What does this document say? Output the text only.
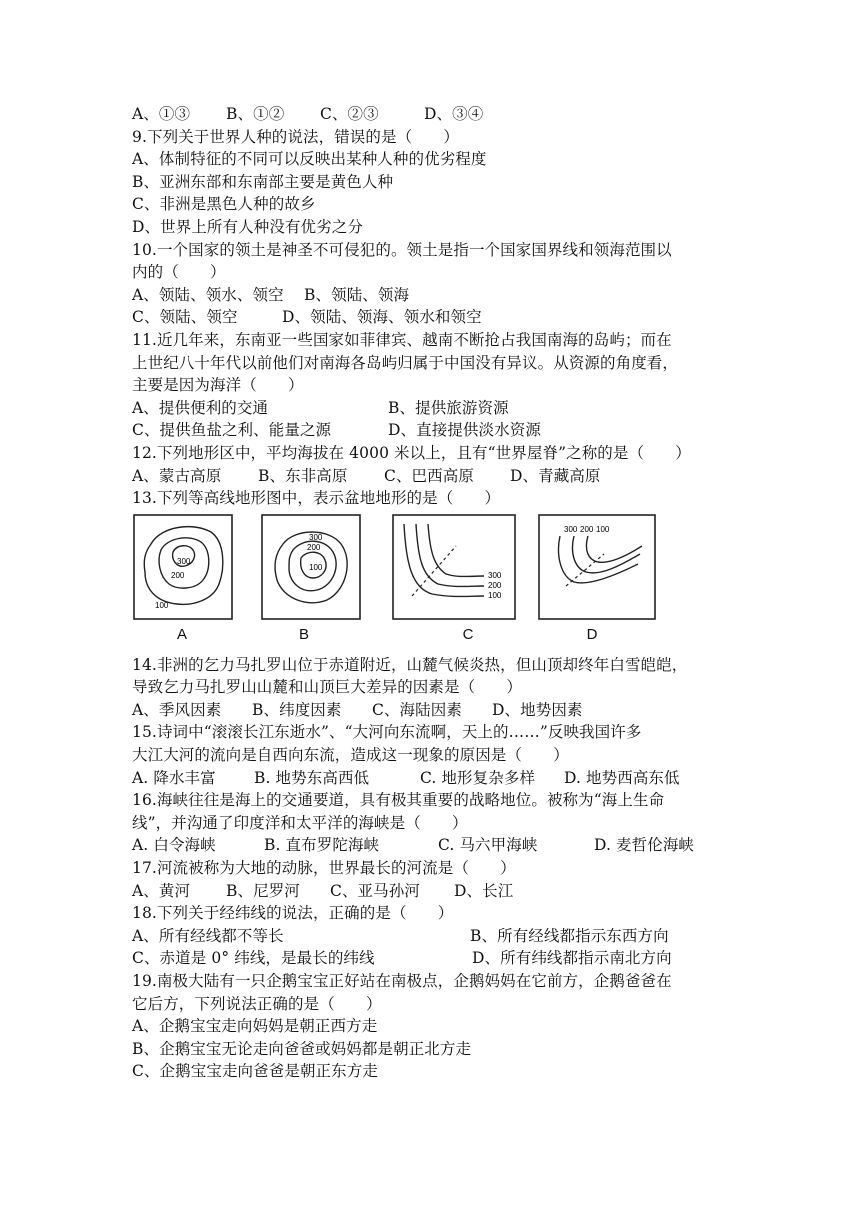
A、①③	B、①②	C、②③	D、③④
9.下列关于世界人种的说法，错误的是（　　）
A、体制特征的不同可以反映出某种人种的优劣程度
B、亚洲东部和东南部主要是黄色人种
C、非洲是黑色人种的故乡
D、世界上所有人种没有优劣之分
10.一个国家的领土是神圣不可侵犯的。领土是指一个国家国界线和领海范围以
内的（　　）
A、领陆、领水、领空	B、领陆、领海
C、领陆、领空	D、领陆、领海、领水和领空
11.近几年来，东南亚一些国家如菲律宾、越南不断抢占我国南海的岛屿；而在
上世纪八十年代以前他们对南海各岛屿归属于中国没有异议。从资源的角度看，
主要是因为海洋（　　）
A、提供便利的交通	B、提供旅游资源
C、提供鱼盐之利、能量之源	D、直接提供淡水资源
12.下列地形区中，平均海拔在 4000 米以上，且有“世界屋脊”之称的是（　　）
A、蒙古高原	B、东非高原	C、巴西高原	D、青藏高原
13.下列等高线地形图中，表示盆地地形的是（　　）
300
200
100
A
300
200
100
B
300
200
100
C
300 200 100
D
14.非洲的乞力马扎罗山位于赤道附近，山麓气候炎热，但山顶却终年白雪皑皑，
导致乞力马扎罗山山麓和山顶巨大差异的因素是（　　）
A、季风因素	B、纬度因素	C、海陆因素	D、地势因素
15.诗词中“滚滚长江东逝水”、“大河向东流啊，天上的……”反映我国许多
大江大河的流向是自西向东流，造成这一现象的原因是（　　）
A. 降水丰富	B. 地势东高西低	C. 地形复杂多样	D. 地势西高东低
16.海峡往往是海上的交通要道，具有极其重要的战略地位。被称为“海上生命
线”，并沟通了印度洋和太平洋的海峡是（　　）
A. 白令海峡	B. 直布罗陀海峡	C. 马六甲海峡	D. 麦哲伦海峡
17.河流被称为大地的动脉，世界最长的河流是（　　）
A、黄河	B、尼罗河	C、亚马孙河	D、长江
18.下列关于经纬线的说法，正确的是（　　）
A、所有经线都不等长	B、所有经线都指示东西方向
C、赤道是 0° 纬线，是最长的纬线	D、所有纬线都指示南北方向
19.南极大陆有一只企鹅宝宝正好站在南极点，企鹅妈妈在它前方，企鹅爸爸在
它后方，下列说法正确的是（　　）
A、企鹅宝宝走向妈妈是朝正西方走
B、企鹅宝宝无论走向爸爸或妈妈都是朝正北方走
C、企鹅宝宝走向爸爸是朝正东方走
